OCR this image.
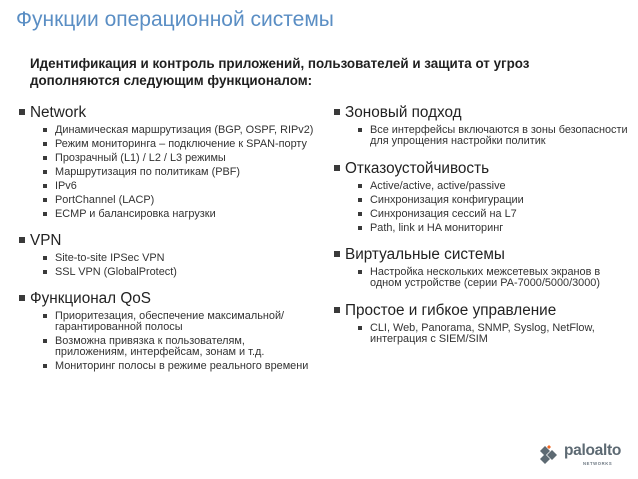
Функции операционной системы
Идентификация и контроль приложений, пользователей и защита от угроз дополняются следующим функционалом:
Network
Динамическая маршрутизация (BGP, OSPF, RIPv2)
Режим мониторинга – подключение к SPAN-порту
Прозрачный (L1) / L2 / L3 режимы
Маршрутизация по политикам (PBF)
IPv6
PortChannel (LACP)
ECMP и балансировка нагрузки
VPN
Site-to-site IPSec VPN
SSL VPN (GlobalProtect)
Функционал QoS
Приоритезация, обеспечение максимальной/гарантированной полосы
Возможна привязка к пользователям, приложениям, интерфейсам, зонам и т.д.
Мониторинг полосы в режиме реального времени
Зоновый подход
Все интерфейсы включаются в зоны безопасности для упрощения настройки политик
Отказоустойчивость
Active/active, active/passive
Синхронизация конфигурации
Синхронизация сессий на L7
Path, link и HA мониторинг
Виртуальные системы
Настройка нескольких межсетевых экранов в одном устройстве (серии PA-7000/5000/3000)
Простое и гибкое управление
CLI, Web, Panorama, SNMP, Syslog, NetFlow, интеграция с SIEM/SIM
paloalto
NETWORKS
